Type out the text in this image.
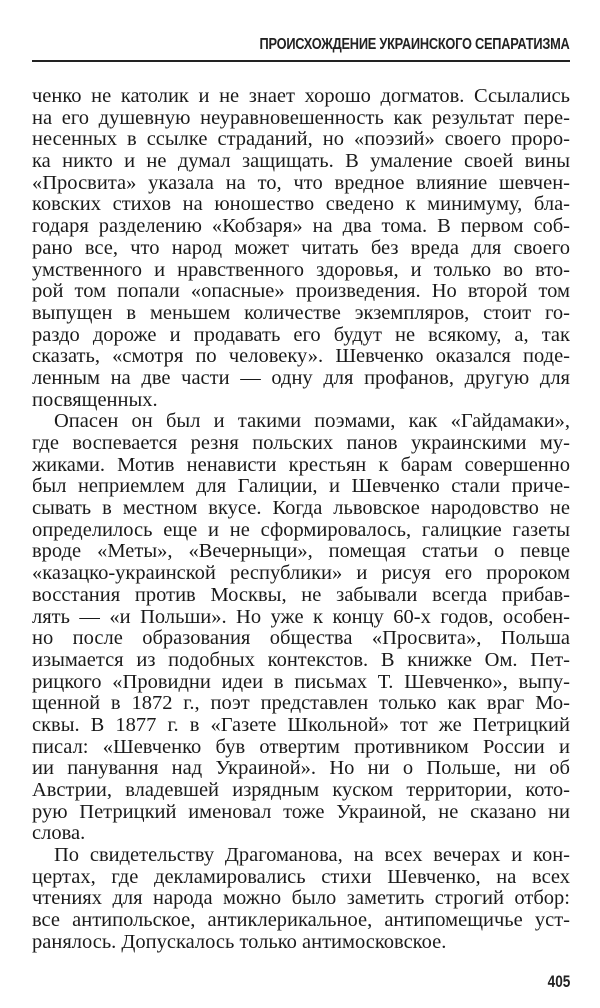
ПРОИСХОЖДЕНИЕ УКРАИНСКОГО СЕПАРАТИЗМА
ченко не католик и не знает хорошо догматов. Ссылались
на его душевную неуравновешенность как результат пере-
несенных в ссылке страданий, но «поэзий» своего проро-
ка никто и не думал защищать. В умаление своей вины
«Просвита» указала на то, что вредное влияние шевчен-
ковских стихов на юношество сведено к минимуму, бла-
годаря разделению «Кобзаря» на два тома. В первом соб-
рано все, что народ может читать без вреда для своего
умственного и нравственного здоровья, и только во вто-
рой том попали «опасные» произведения. Но второй том
выпущен в меньшем количестве экземпляров, стоит го-
раздо дороже и продавать его будут не всякому, а, так
сказать, «смотря по человеку». Шевченко оказался поде-
ленным на две части — одну для профанов, другую для
посвященных.
Опасен он был и такими поэмами, как «Гайдамаки»,
где воспевается резня польских панов украинскими му-
жиками. Мотив ненависти крестьян к барам совершенно
был неприемлем для Галиции, и Шевченко стали приче-
сывать в местном вкусе. Когда львовское народовство не
определилось еще и не сформировалось, галицкие газеты
вроде «Меты», «Вечерныци», помещая статьи о певце
«казацко-украинской республики» и рисуя его пророком
восстания против Москвы, не забывали всегда прибав-
лять — «и Польши». Но уже к концу 60-х годов, особен-
но после образования общества «Просвита», Польша
изымается из подобных контекстов. В книжке Ом. Пет-
рицкого «Провидни идеи в письмах Т. Шевченко», выпу-
щенной в 1872 г., поэт представлен только как враг Мо-
сквы. В 1877 г. в «Газете Школьной» тот же Петрицкий
писал: «Шевченко був отвертим противником России и
ии панування над Украиной». Но ни о Польше, ни об
Австрии, владевшей изрядным куском территории, кото-
рую Петрицкий именовал тоже Украиной, не сказано ни
слова.
По свидетельству Драгоманова, на всех вечерах и кон-
цертах, где декламировались стихи Шевченко, на всех
чтениях для народа можно было заметить строгий отбор:
все антипольское, антиклерикальное, антипомещичье уст-
ранялось. Допускалось только антимосковское.
405
